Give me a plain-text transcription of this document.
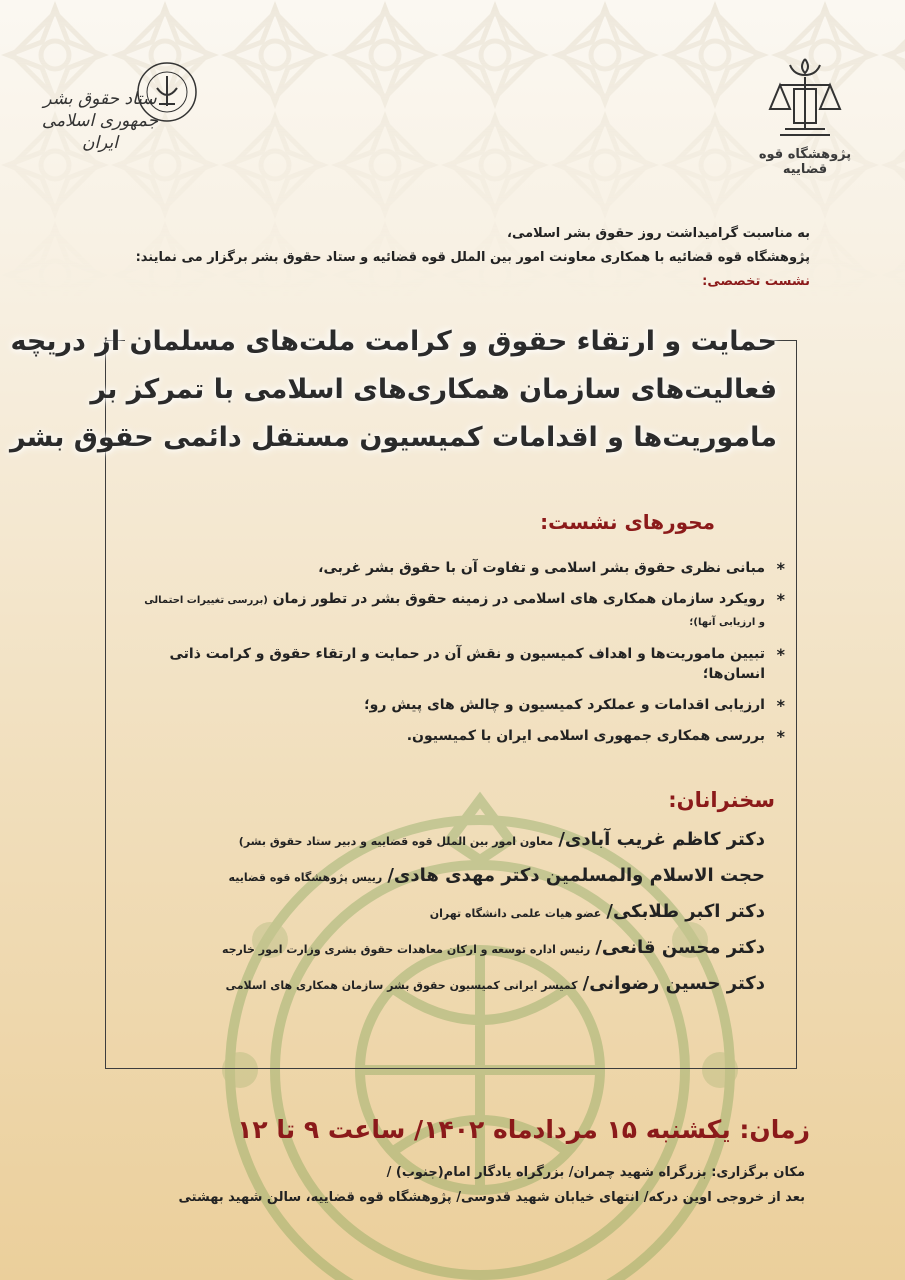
ستاد حقوق بشر جمهوری اسلامی ایران
پژوهشگاه قوه قضاییه
به مناسبت گرامیداشت روز حقوق بشر اسلامی،
پژوهشگاه قوه قضائیه با همکاری معاونت امور بین الملل قوه قضائیه و ستاد حقوق بشر برگزار می نمایند:
نشست تخصصی:
حمایت و ارتقاء حقوق و کرامت ملت‌های مسلمان از دریچه
فعالیت‌های سازمان همکاری‌های اسلامی با تمرکز بر
ماموریت‌ها و اقدامات کمیسیون مستقل دائمی حقوق بشر
محورهای نشست:
* مبانی نظری حقوق بشر اسلامی و تفاوت آن با حقوق بشر غربی،
* رویکرد سازمان همکاری های اسلامی در زمینه حقوق بشر در تطور زمان (بررسی تغییرات احتمالی و ارزیابی آنها)؛
* تبیین ماموریت‌ها و اهداف کمیسیون و نقش آن در حمایت و ارتقاء حقوق و کرامت ذاتی انسان‌ها؛
* ارزیابی اقدامات و عملکرد کمیسیون و چالش های پیش رو؛
* بررسی همکاری جمهوری اسلامی ایران با کمیسیون.
سخنرانان:
دکتر کاظم غریب آبادی/ معاون امور بین الملل قوه قضاییه و دبیر ستاد حقوق بشر)
حجت الاسلام والمسلمین دکتر مهدی هادی/ رییس پژوهشگاه قوه قضاییه
دکتر اکبر طلابکی/ عضو هیات علمی دانشگاه تهران
دکتر محسن قانعی/ رئیس اداره توسعه و ارکان معاهدات حقوق بشری وزارت امور خارجه
دکتر حسین رضوانی/ کمیسر ایرانی کمیسیون حقوق بشر سازمان همکاری های اسلامی
زمان: یکشنبه ۱۵ مردادماه ۱۴۰۲/ ساعت ۹ تا ۱۲
مکان برگزاری: بزرگراه شهید چمران/ بزرگراه یادگار امام(جنوب) /
بعد از خروجی اوین درکه/ انتهای خیابان شهید قدوسی/ پژوهشگاه قوه قضاییه، سالن شهید بهشتی
